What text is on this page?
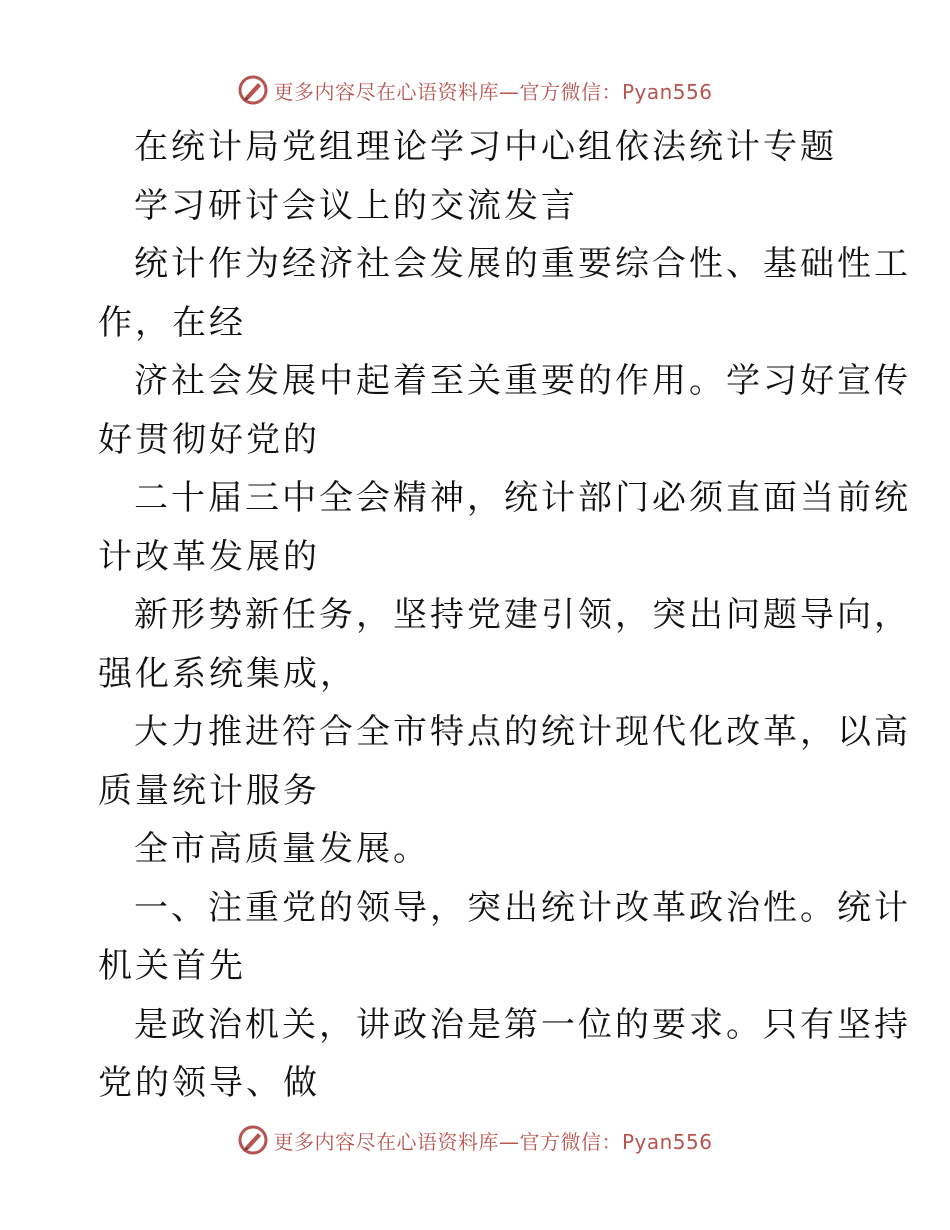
更多内容尽在心语资料库—官方微信：Pyan556
在统计局党组理论学习中心组依法统计专题
学习研讨会议上的交流发言
统计作为经济社会发展的重要综合性、基础性工
作，在经
济社会发展中起着至关重要的作用。学习好宣传
好贯彻好党的
二十届三中全会精神，统计部门必须直面当前统
计改革发展的
新形势新任务，坚持党建引领，突出问题导向，
强化系统集成，
大力推进符合全市特点的统计现代化改革，以高
质量统计服务
全市高质量发展。
一、注重党的领导，突出统计改革政治性。统计
机关首先
是政治机关，讲政治是第一位的要求。只有坚持
党的领导、做
更多内容尽在心语资料库—官方微信：Pyan556
